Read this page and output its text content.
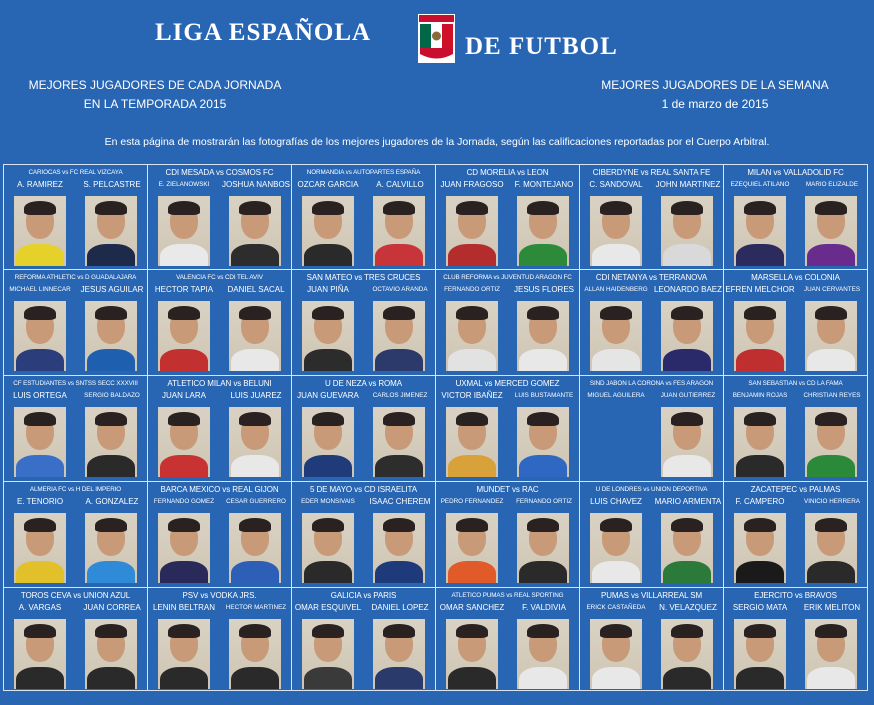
LIGA ESPAÑOLA
DE FUTBOL
MEJORES JUGADORES DE CADA JORNADA
EN LA TEMPORADA 2015
MEJORES JUGADORES DE LA SEMANA
1 de marzo de 2015
En esta página de mostrarán las fotografías de los mejores jugadores de la Jornada, según las calificaciones reportadas por el Cuerpo Arbitral.
CARIOCAS vs FC REAL VIZCAYA
A. RAMIREZ	S. PELCASTRE
CDI MESADA vs COSMOS FC
E. ZIELANOWSKI	JOSHUA NANBOS
NORMANDIA vs AUTOPARTES ESPAÑA
OZCAR GARCIA	A. CALVILLO
CD MORELIA vs LEON
JUAN FRAGOSO	F. MONTEJANO
CIBERDYNE vs REAL SANTA FE
C. SANDOVAL	JOHN MARTINEZ
MILAN vs VALLADOLID FC
EZEQUIEL ATILANO	MARIO ELIZALDE
REFORMA ATHLETIC vs D GUADALAJARA
MICHAEL LINNECAR	JESUS AGUILAR
VALENCIA FC vs CDI TEL AVIV
HECTOR TAPIA	DANIEL SACAL
SAN MATEO vs TRES CRUCES
JUAN PIÑA	OCTAVIO ARANDA
CLUB REFORMA vs JUVENTUD ARAGON FC
FERNANDO ORTIZ	JESUS FLORES
CDI NETANYA vs TERRANOVA
ALLAN HAIDENBERG LEONARDO BAEZ
MARSELLA vs COLONIA
EFREN MELCHOR	JUAN CERVANTES
CF ESTUDIANTES vs SNTSS SECC XXXVIII
LUIS ORTEGA	SERGIO BALDAZO
ATLETICO MILAN vs BELUNI
JUAN LARA	LUIS JUAREZ
U DE NEZA vs ROMA
JUAN GUEVARA	CARLOS JIMENEZ
UXMAL vs MERCED GOMEZ
VICTOR IBAÑEZ	LUIS BUSTAMANTE
SIND JABON LA CORONA vs FES ARAGON
MIGUEL AGUILERA	JUAN GUTIERREZ
SAN SEBASTIAN vs CD LA FAMA
BENJAMIN ROJAS	CHRISTIAN REYES
ALMERIA FC vs H DEL IMPERIO
E. TENORIO	A. GONZALEZ
BARCA MEXICO vs REAL GIJON
FERNANDO GOMEZ	CESAR GUERRERO
5 DE MAYO vs CD ISRAELITA
EDER MONSIVAIS	ISAAC CHEREM
MUNDET vs RAC
PEDRO FERNANDEZ	FERNANDO ORTIZ
U DE LONDRES vs UNION DEPORTIVA
LUIS CHAVEZ	MARIO ARMENTA
ZACATEPEC vs PALMAS
F. CAMPERO	VINICIO HERRERA
TOROS CEVA vs UNION AZUL
A. VARGAS	JUAN CORREA
PSV vs VODKA JRS.
LENIN BELTRAN	HECTOR MARTINEZ
GALICIA vs PARIS
OMAR ESQUIVEL	DANIEL LOPEZ
ATLETICO PUMAS vs REAL SPORTING
OMAR SANCHEZ	F. VALDIVIA
PUMAS vs VILLARREAL SM
ERICK CASTAÑEDA	N. VELAZQUEZ
EJERCITO vs BRAVOS
SERGIO MATA	ERIK MELITON
